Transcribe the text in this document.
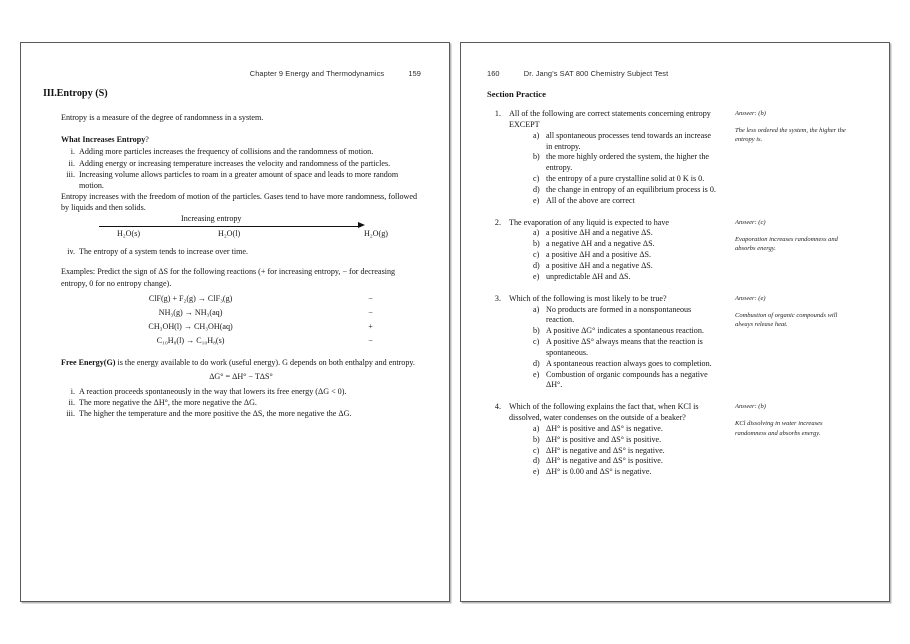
Chapter 9 Energy and Thermodynamics	159
III.Entropy (S)

Entropy is a measure of the degree of randomness in a system.

What Increases Entropy?

i. Adding more particles increases the frequency of collisions and the randomness of motion.
ii. Adding energy or increasing temperature increases the velocity and randomness of the particles.
iii. Increasing volume allows particles to roam in a greater amount of space and leads to more random motion.

Entropy increases with the freedom of motion of the particles. Gases tend to have more randomness, followed by liquids and then solids.

Increasing entropy
H₂O(s)	H₂O(l)	H₂O(g)
iv. The entropy of a system tends to increase over time.

Examples: Predict the sign of ΔS for the following reactions (+ for increasing entropy, − for decreasing entropy, 0 for no entropy change).

ClF(g) + F₂(g) → ClF₃(g)	−
NH₃(g) → NH₃(aq)	−
CH₃OH(l) → CH₃OH(aq)	+
C₁₀H₈(l) → C₁₀H₈(s)	−

Free Energy(G) is the energy available to do work (useful energy). G depends on both enthalpy and entropy.

ΔG° = ΔH° − TΔS°
i. A reaction proceeds spontaneously in the way that lowers its free energy (ΔG < 0).
ii. The more negative the ΔH°, the more negative the ΔG.
iii. The higher the temperature and the more positive the ΔS, the more negative the ΔG.
160	Dr. Jang’s SAT 800 Chemistry Subject Test
Section Practice
1. All of the following are correct statements concerning entropy EXCEPT

a) all spontaneous processes tend towards an increase in entropy.
b) the more highly ordered the system, the higher the entropy.
c) the entropy of a pure crystalline solid at 0 K is 0.
d) the change in entropy of an equilibrium process is 0.
e) All of the above are correct
Answer: (b)
The less ordered the system, the higher the entropy is.
2. The evaporation of any liquid is expected to have

a) a positive ΔH and a negative ΔS.
b) a negative ΔH and a negative ΔS.
c) a positive ΔH and a positive ΔS.
d) a positive ΔH and a negative ΔS.
e) unpredictable ΔH and ΔS.
Answer: (c)
Evaporation increases randomness and absorbs energy.
3. Which of the following is most likely to be true?

a) No products are formed in a nonspontaneous reaction.
b) A positive ΔG° indicates a spontaneous reaction.
c) A positive ΔS° always means that the reaction is spontaneous.
d) A spontaneous reaction always goes to completion.
e) Combustion of organic compounds has a negative ΔH°.
Answer: (e)
Combustion of organic compounds will always release heat.
4. Which of the following explains the fact that, when KCl is dissolved, water condenses on the outside of a beaker?

a) ΔH° is positive and ΔS° is negative.
b) ΔH° is positive and ΔS° is positive.
c) ΔH° is negative and ΔS° is negative.
d) ΔH° is negative and ΔS° is positive.
e) ΔH° is 0.00 and ΔS° is negative.
Answer: (b)
KCl dissolving in water increases randomness and absorbs energy.
